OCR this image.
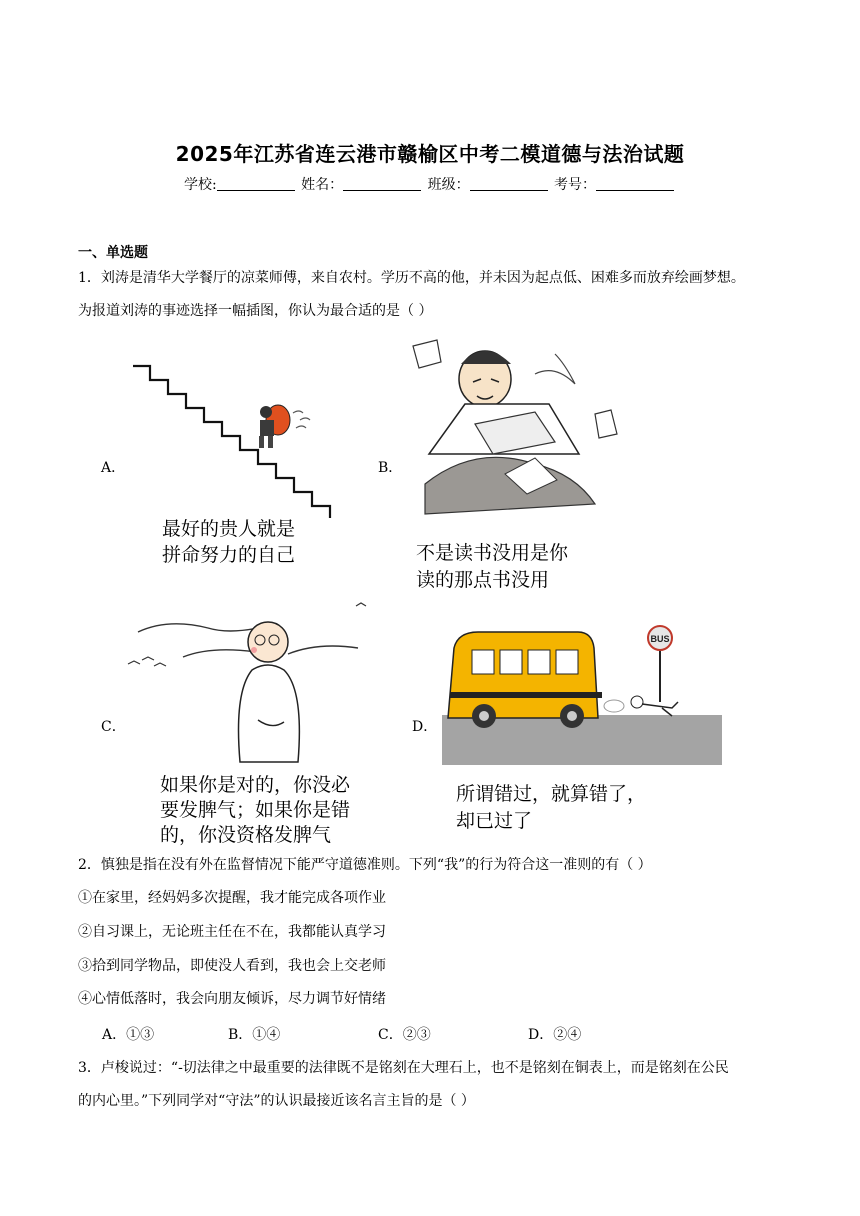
2025年江苏省连云港市赣榆区中考二模道德与法治试题
学校:	姓名：	班级：	考号：
一、单选题
1．刘涛是清华大学餐厅的凉菜师傅，来自农村。学历不高的他，并未因为起点低、困难多而放弃绘画梦想。
为报道刘涛的事迹选择一幅插图，你认为最合适的是（ ）
A．
最好的贵人就是
拼命努力的自己
B．
不是读书没用是你
读的那点书没用
C．
如果你是对的，你没必
要发脾气；如果你是错
的，你没资格发脾气
D．
BUS
所谓错过，就算错了，
却已过了
2．慎独是指在没有外在监督情况下能严守道德准则。下列“我”的行为符合这一准则的有（ ）
①在家里，经妈妈多次提醒，我才能完成各项作业
②自习课上，无论班主任在不在，我都能认真学习
③拾到同学物品，即使没人看到，我也会上交老师
④心情低落时，我会向朋友倾诉，尽力调节好情绪
A．①③	B．①④	C．②③	D．②④
3．卢梭说过：“-切法律之中最重要的法律既不是铭刻在大理石上，也不是铭刻在铜表上，而是铭刻在公民
的内心里。”下列同学对“守法”的认识最接近该名言主旨的是（ ）
